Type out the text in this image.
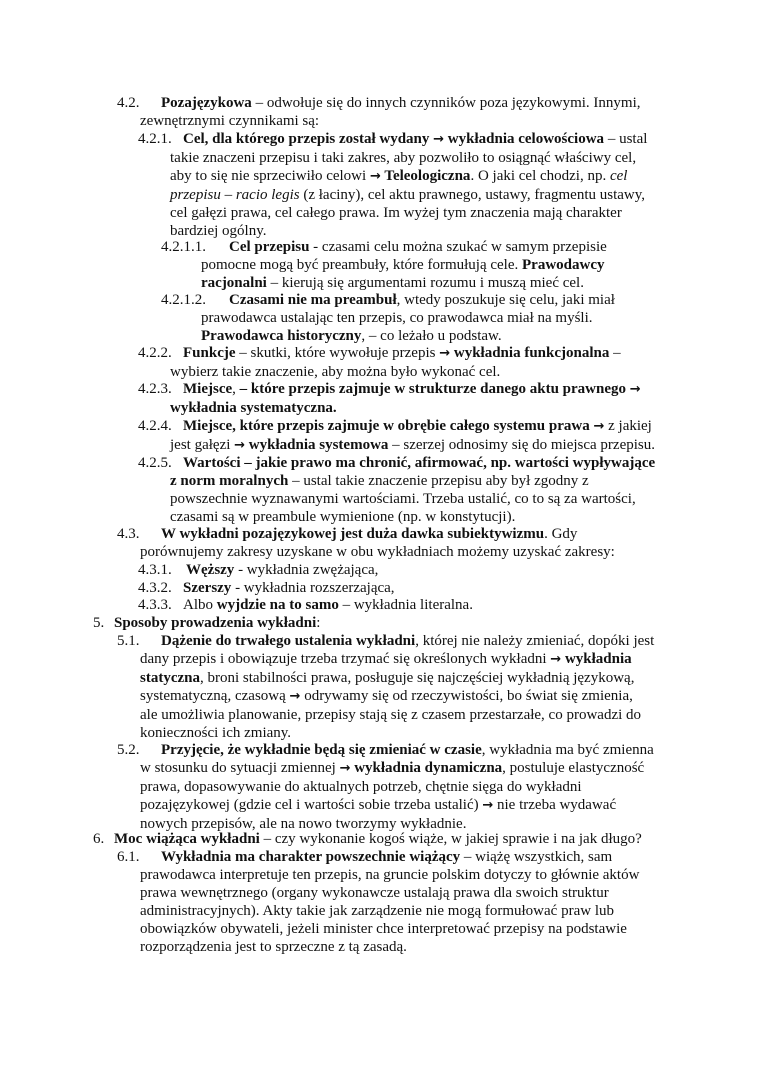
4.2. Pozajęzykowa – odwołuje się do innych czynników poza językowymi. Innymi,
zewnętrznymi czynnikami są:
4.2.1. Cel, dla którego przepis został wydany → wykładnia celowościowa – ustal
takie znaczeni przepisu i taki zakres, aby pozwoliło to osiągnąć właściwy cel,
aby to się nie sprzeciwiło celowi → Teleologiczna. O jaki cel chodzi, np. cel
przepisu – racio legis (z łaciny), cel aktu prawnego, ustawy, fragmentu ustawy,
cel gałęzi prawa, cel całego prawa. Im wyżej tym znaczenia mają charakter
bardziej ogólny.
4.2.1.1. Cel przepisu - czasami celu można szukać w samym przepisie
pomocne mogą być preambuły, które formułują cele. Prawodawcy
racjonalni – kierują się argumentami rozumu i muszą mieć cel.
4.2.1.2. Czasami nie ma preambuł, wtedy poszukuje się celu, jaki miał
prawodawca ustalając ten przepis, co prawodawca miał na myśli.
Prawodawca historyczny, – co leżało u podstaw.
4.2.2. Funkcje – skutki, które wywołuje przepis → wykładnia funkcjonalna –
wybierz takie znaczenie, aby można było wykonać cel.
4.2.3. Miejsce, – które przepis zajmuje w strukturze danego aktu prawnego →
wykładnia systematyczna.
4.2.4. Miejsce, które przepis zajmuje w obrębie całego systemu prawa → z jakiej
jest gałęzi → wykładnia systemowa – szerzej odnosimy się do miejsca przepisu.
4.2.5. Wartości – jakie prawo ma chronić, afirmować, np. wartości wypływające
z norm moralnych – ustal takie znaczenie przepisu aby był zgodny z
powszechnie wyznawanymi wartościami. Trzeba ustalić, co to są za wartości,
czasami są w preambule wymienione (np. w konstytucji).
4.3. W wykładni pozajęzykowej jest duża dawka subiektywizmu. Gdy
porównujemy zakresy uzyskane w obu wykładniach możemy uzyskać zakresy:
4.3.1. Węższy - wykładnia zwężająca,
4.3.2. Szerszy - wykładnia rozszerzająca,
4.3.3. Albo wyjdzie na to samo – wykładnia literalna.
5. Sposoby prowadzenia wykładni:
5.1. Dążenie do trwałego ustalenia wykładni, której nie należy zmieniać, dopóki jest
dany przepis i obowiązuje trzeba trzymać się określonych wykładni → wykładnia
statyczna, broni stabilności prawa, posługuje się najczęściej wykładnią językową,
systematyczną, czasową → odrywamy się od rzeczywistości, bo świat się zmienia,
ale umożliwia planowanie, przepisy stają się z czasem przestarzałe, co prowadzi do
konieczności ich zmiany.
5.2. Przyjęcie, że wykładnie będą się zmieniać w czasie, wykładnia ma być zmienna
w stosunku do sytuacji zmiennej → wykładnia dynamiczna, postuluje elastyczność
prawa, dopasowywanie do aktualnych potrzeb, chętnie sięga do wykładni
pozajęzykowej (gdzie cel i wartości sobie trzeba ustalić) → nie trzeba wydawać
nowych przepisów, ale na nowo tworzymy wykładnie.
6. Moc wiążąca wykładni – czy wykonanie kogoś wiąże, w jakiej sprawie i na jak długo?
6.1. Wykładnia ma charakter powszechnie wiążący – wiążę wszystkich, sam
prawodawca interpretuje ten przepis, na gruncie polskim dotyczy to głównie aktów
prawa wewnętrznego (organy wykonawcze ustalają prawa dla swoich struktur
administracyjnych). Akty takie jak zarządzenie nie mogą formułować praw lub
obowiązków obywateli, jeżeli minister chce interpretować przepisy na podstawie
rozporządzenia jest to sprzeczne z tą zasadą.
